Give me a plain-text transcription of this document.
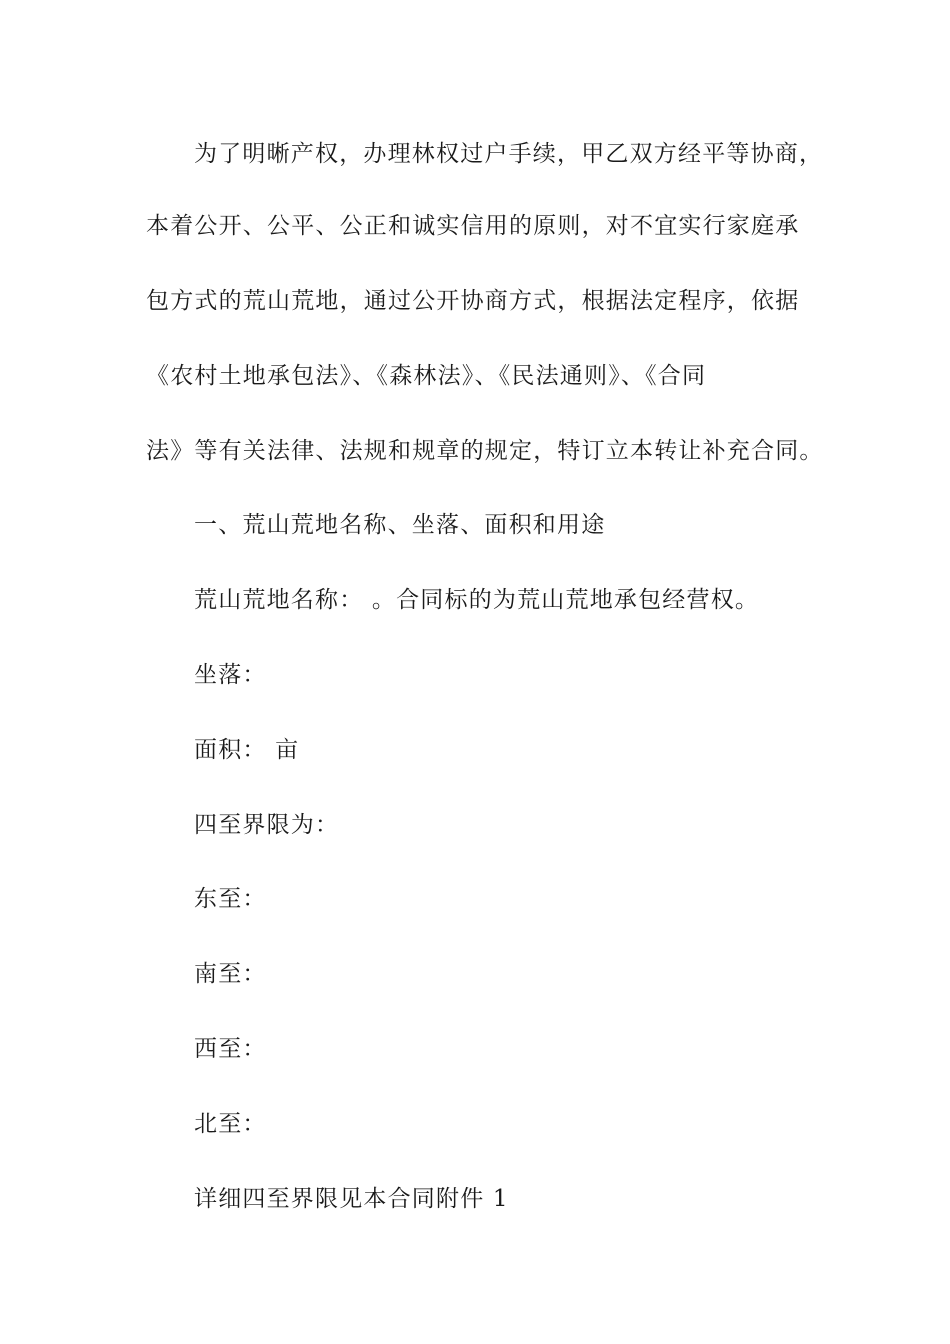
为了明晰产权，办理林权过户手续，甲乙双方经平等协商，
本着公开、公平、公正和诚实信用的原则，对不宜实行家庭承
包方式的荒山荒地，通过公开协商方式，根据法定程序，依据
《农村土地承包法》、《森林法》、《民法通则》、《合同
法》等有关法律、法规和规章的规定，特订立本转让补充合同。
一、荒山荒地名称、坐落、面积和用途
荒山荒地名称： 。合同标的为荒山荒地承包经营权。
坐落：
面积： 亩
四至界限为：
东至：
南至：
西至：
北至：
详细四至界限见本合同附件 1
